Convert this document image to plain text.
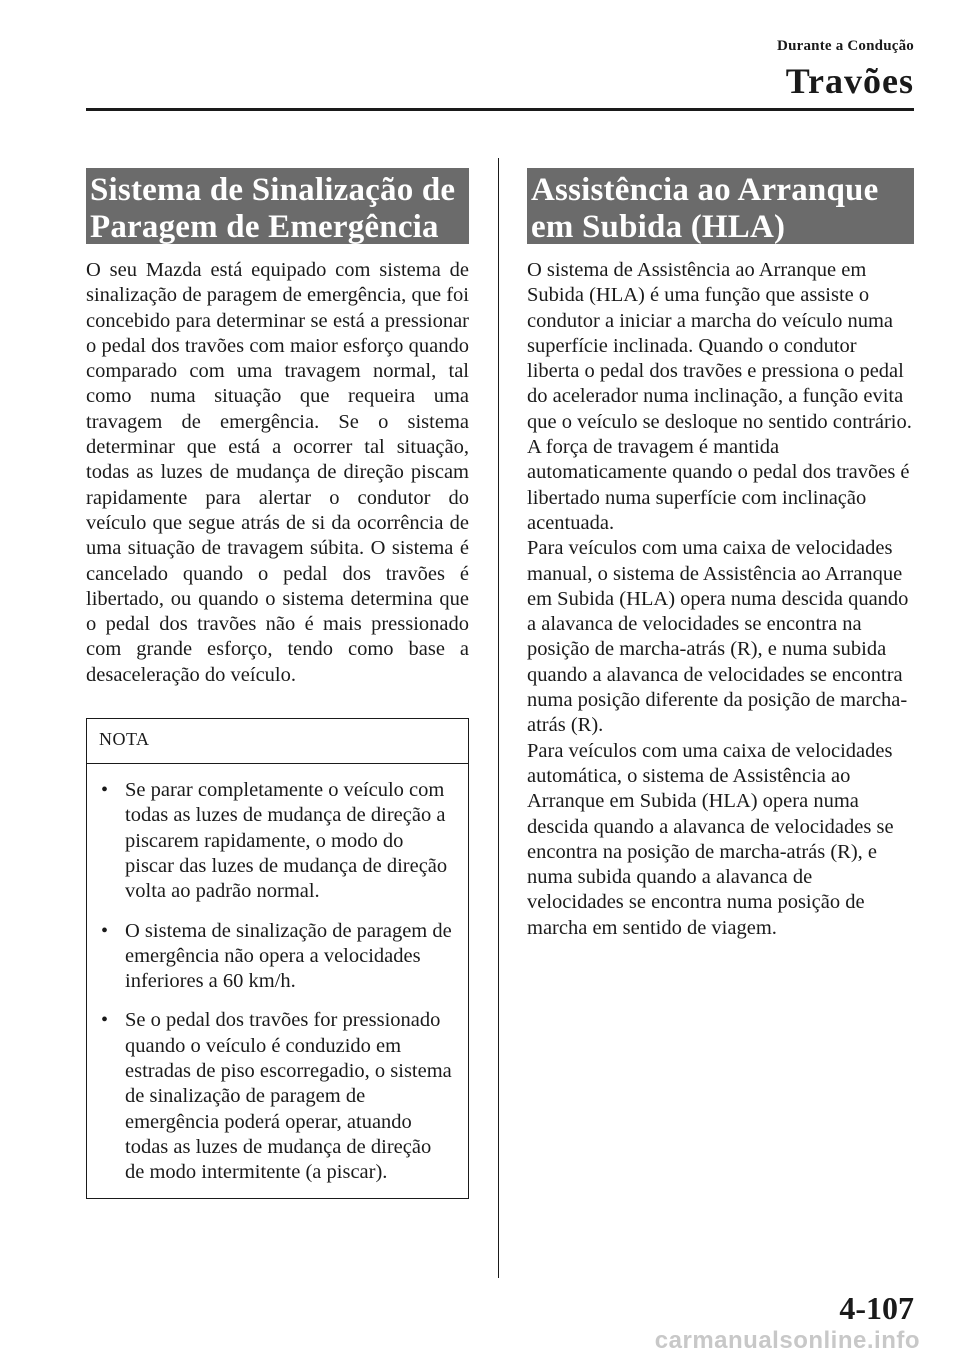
Durante a Condução
Travões
Sistema de Sinalização de Paragem de Emergência
O seu Mazda está equipado com sistema de sinalização de paragem de emergência, que foi concebido para determinar se está a pressionar o pedal dos travões com maior esforço quando comparado com uma travagem normal, tal como numa situação que requeira uma travagem de emergência. Se o sistema determinar que está a ocorrer tal situação, todas as luzes de mudança de direção piscam rapidamente para alertar o condutor do veículo que segue atrás de si da ocorrência de uma situação de travagem súbita. O sistema é cancelado quando o pedal dos travões é libertado, ou quando o sistema determina que o pedal dos travões não é mais pressionado com grande esforço, tendo como base a desaceleração do veículo.
NOTA
• Se parar completamente o veículo com todas as luzes de mudança de direção a piscarem rapidamente, o modo do piscar das luzes de mudança de direção volta ao padrão normal.
• O sistema de sinalização de paragem de emergência não opera a velocidades inferiores a 60 km/h.
• Se o pedal dos travões for pressionado quando o veículo é conduzido em estradas de piso escorregadio, o sistema de sinalização de paragem de emergência poderá operar, atuando todas as luzes de mudança de direção de modo intermitente (a piscar).
Assistência ao Arranque em Subida (HLA)
O sistema de Assistência ao Arranque em Subida (HLA) é uma função que assiste o condutor a iniciar a marcha do veículo numa superfície inclinada. Quando o condutor liberta o pedal dos travões e pressiona o pedal do acelerador numa inclinação, a função evita que o veículo se desloque no sentido contrário.
A força de travagem é mantida automaticamente quando o pedal dos travões é libertado numa superfície com inclinação acentuada.
Para veículos com uma caixa de velocidades manual, o sistema de Assistência ao Arranque em Subida (HLA) opera numa descida quando a alavanca de velocidades se encontra na posição de marcha-atrás (R), e numa subida quando a alavanca de velocidades se encontra numa posição diferente da posição de marcha-atrás (R).
Para veículos com uma caixa de velocidades automática, o sistema de Assistência ao Arranque em Subida (HLA) opera numa descida quando a alavanca de velocidades se encontra na posição de marcha-atrás (R), e numa subida quando a alavanca de velocidades se encontra numa posição de marcha em sentido de viagem.
4-107
carmanualsonline.info
